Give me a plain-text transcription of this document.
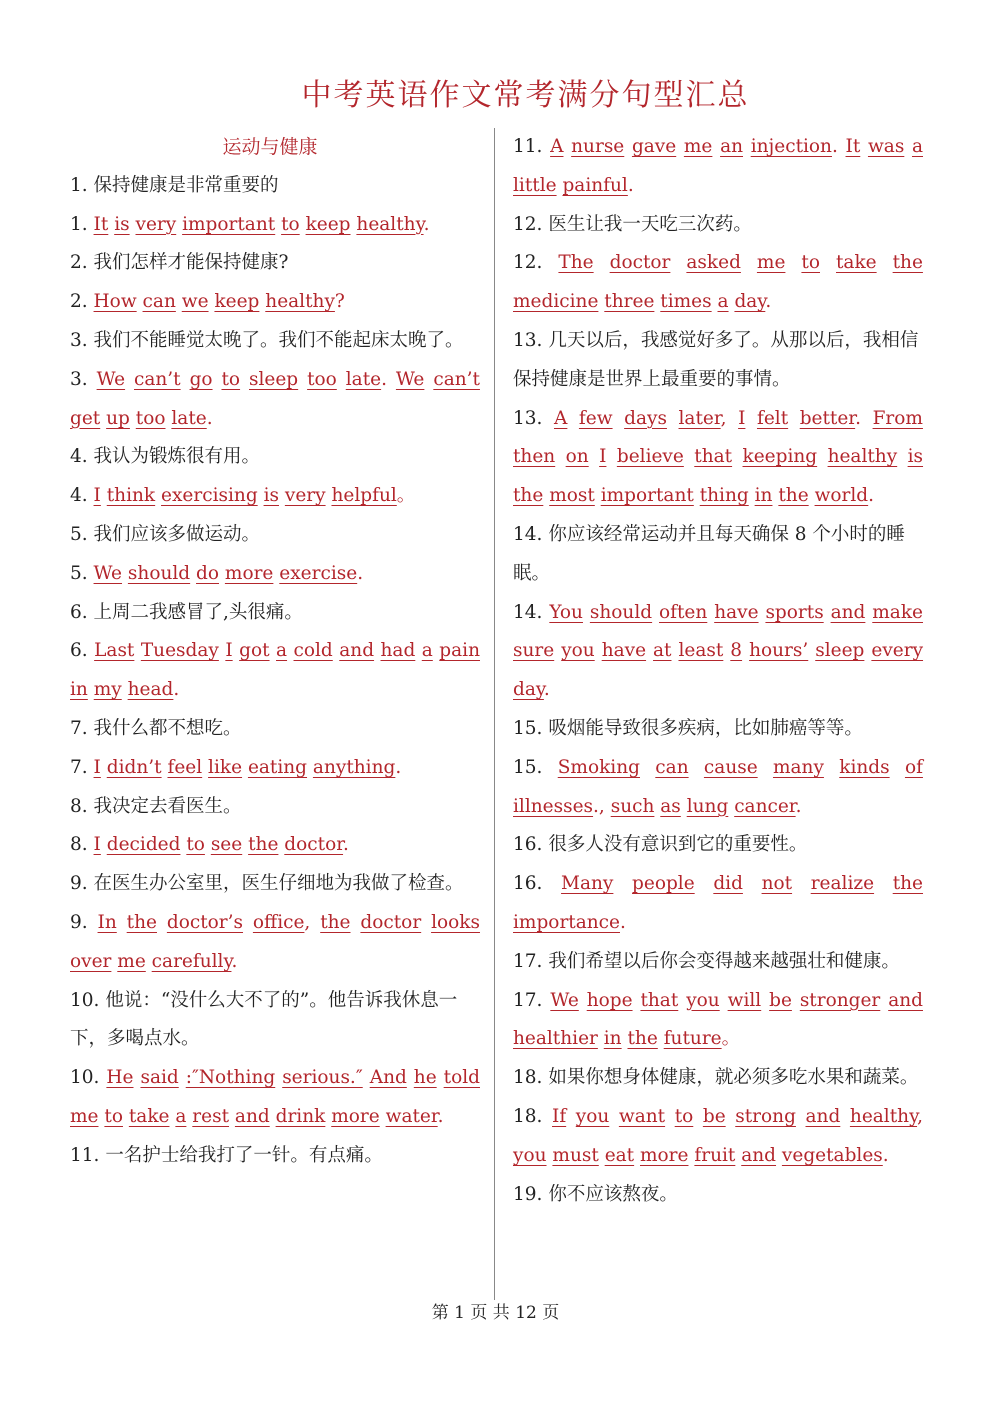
中考英语作文常考满分句型汇总
运动与健康
1. 保持健康是非常重要的
1. It is very important to keep healthy.
2. 我们怎样才能保持健康?
2. How can we keep healthy?
3. 我们不能睡觉太晚了。我们不能起床太晚了。
3. We can’t go to sleep too late. We can’t get up too late.
4. 我认为锻炼很有用。
4. I think exercising is very helpful。
5. 我们应该多做运动。
5. We should do more exercise.
6. 上周二我感冒了,头很痛。
6. Last Tuesday I got a cold and had a pain in my head.
7. 我什么都不想吃。
7. I didn’t feel like eating anything.
8. 我决定去看医生。
8. I decided to see the doctor.
9. 在医生办公室里，医生仔细地为我做了检查。
9. In the doctor’s office, the doctor looks over me carefully.
10. 他说：“没什么大不了的”。他告诉我休息一下，多喝点水。
10. He said :″Nothing serious.″ And he told me to take a rest and drink more water.
11. 一名护士给我打了一针。有点痛。
11. A nurse gave me an injection. It was a little painful.
12. 医生让我一天吃三次药。
12. The doctor asked me to take the medicine three times a day.
13. 几天以后，我感觉好多了。从那以后，我相信保持健康是世界上最重要的事情。
13. A few days later, I felt better. From then on I believe that keeping healthy is the most important thing in the world.
14. 你应该经常运动并且每天确保 8 个小时的睡眠。
14. You should often have sports and make sure you have at least 8 hours’ sleep every day.
15. 吸烟能导致很多疾病，比如肺癌等等。
15. Smoking can cause many kinds of illnesses., such as lung cancer.
16. 很多人没有意识到它的重要性。
16. Many people did not realize the importance.
17. 我们希望以后你会变得越来越强壮和健康。
17. We hope that you will be stronger and healthier in the future。
18. 如果你想身体健康，就必须多吃水果和蔬菜。
18. If you want to be strong and healthy, you must eat more fruit and vegetables.
19. 你不应该熬夜。
第 1 页 共 12 页
